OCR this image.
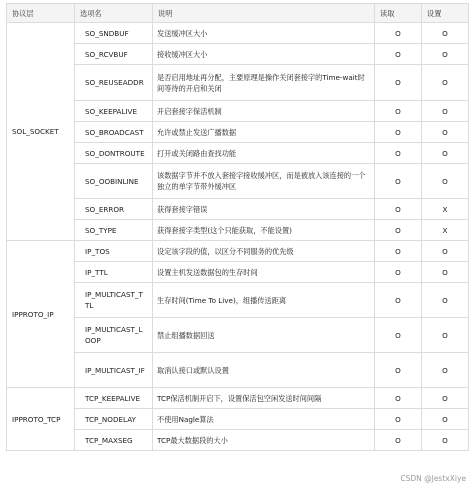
协议层	选项名	说明	读取	设置
SOL_SOCKET	SO_SNDBUF	发送缓冲区大小	O	O
	SO_RCVBUF	接收缓冲区大小	O	O
	SO_REUSEADDR	是否启用地址再分配，主要原理是操作关闭套接字的Time-wait时间等待的开启和关闭	O	O
	SO_KEEPALIVE	开启套接字保活机制	O	O
	SO_BROADCAST	允许或禁止发送广播数据	O	O
	SO_DONTROUTE	打开或关闭路由查找功能	O	O
	SO_OOBINLINE	该数据字节并不放入套接字接收缓冲区，而是被放入该连接的一个独立的单字节带外缓冲区	O	O
	SO_ERROR	获得套接字错误	O	X
	SO_TYPE	获得套接字类型(这个只能获取，不能设置)	O	X
IPPROTO_IP	IP_TOS	设定该字段的值，以区分不同服务的优先级	O	O
	IP_TTL	设置主机发送数据包的生存时间	O	O
	IP_MULTICAST_TTL	生存时间(Time To Live)，组播传送距离	O	O
	IP_MULTICAST_LOOP	禁止组播数据回送	O	O
	IP_MULTICAST_IF	取消认接口或默认设置	O	O
IPPROTO_TCP	TCP_KEEPALIVE	TCP保活机制开启下，设置保活包空闲发送时间间隔	O	O
	TCP_NODELAY	不使用Nagle算法	O	O
	TCP_MAXSEG	TCP最大数据段的大小	O	O
CSDN @JestxXiye
